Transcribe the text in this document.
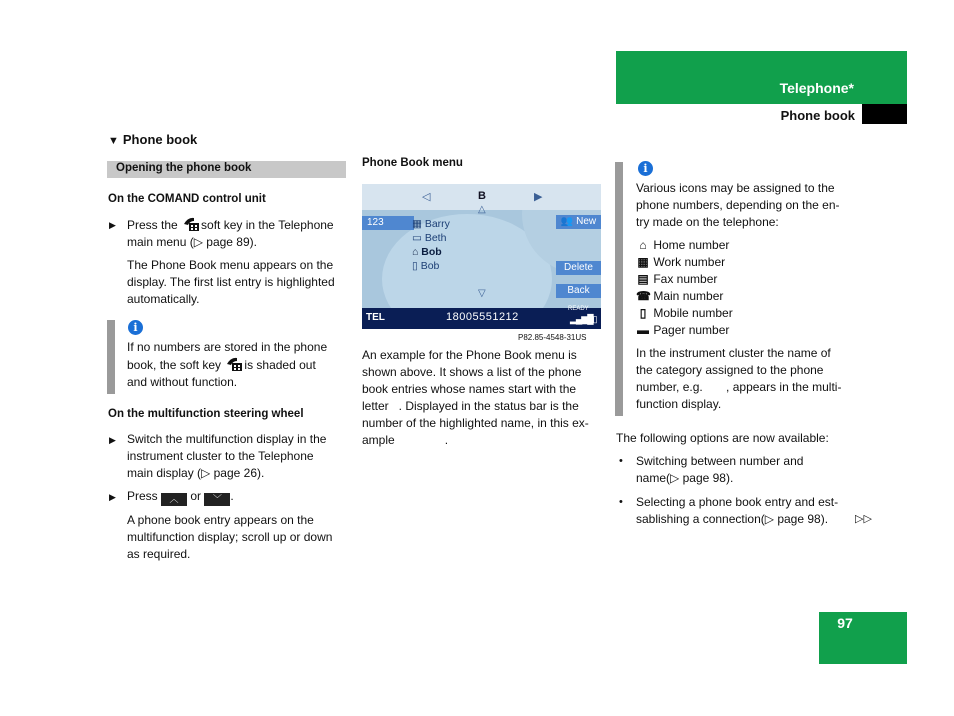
Telephone*
Phone book
▼ Phone book
Opening the phone book
On the COMAND control unit
▶ Press the soft key in the Telephone

main menu (▷ page 89).

The Phone Book menu appears on the

display. The first list entry is highlighted

automatically.

i

If no numbers are stored in the phone

book, the soft key is shaded out

and without function.

On the multifunction steering wheel
▶ Switch the multifunction display in the

instrument cluster to the Telephone

main display (▷ page 26).

▶ Press ︿ or ﹀ .

A phone book entry appears on the

multifunction display; scroll up or down

as required.

Phone Book menu
◁	B	▶
△
123	👥 New
▦ Barry
▭ Beth
⌂ Bob
▯ Bob	Delete
Back
▽
TEL	18005551212
READY
▂▄▆█▯
P82.85-4548-31US

An example for the Phone Book menu is

shown above. It shows a list of the phone

book entries whose names start with the

letter   . Displayed in the status bar is the

number of the highlighted name, in this ex-

ample               .

i

Various icons may be assigned to the

phone numbers, depending on the en-

try made on the telephone:

⌂ Home number

▦ Work number

▤ Fax number

☎ Main number

▯ Mobile number

▬ Pager number

In the instrument cluster the name of

the category assigned to the phone

number, e.g.       , appears in the multi-

function display.

The following options are now available:
• Switching between number and

name(▷ page 98).

• Selecting a phone book entry and est-

sablishing a connection(▷ page 98).	▷▷
97
